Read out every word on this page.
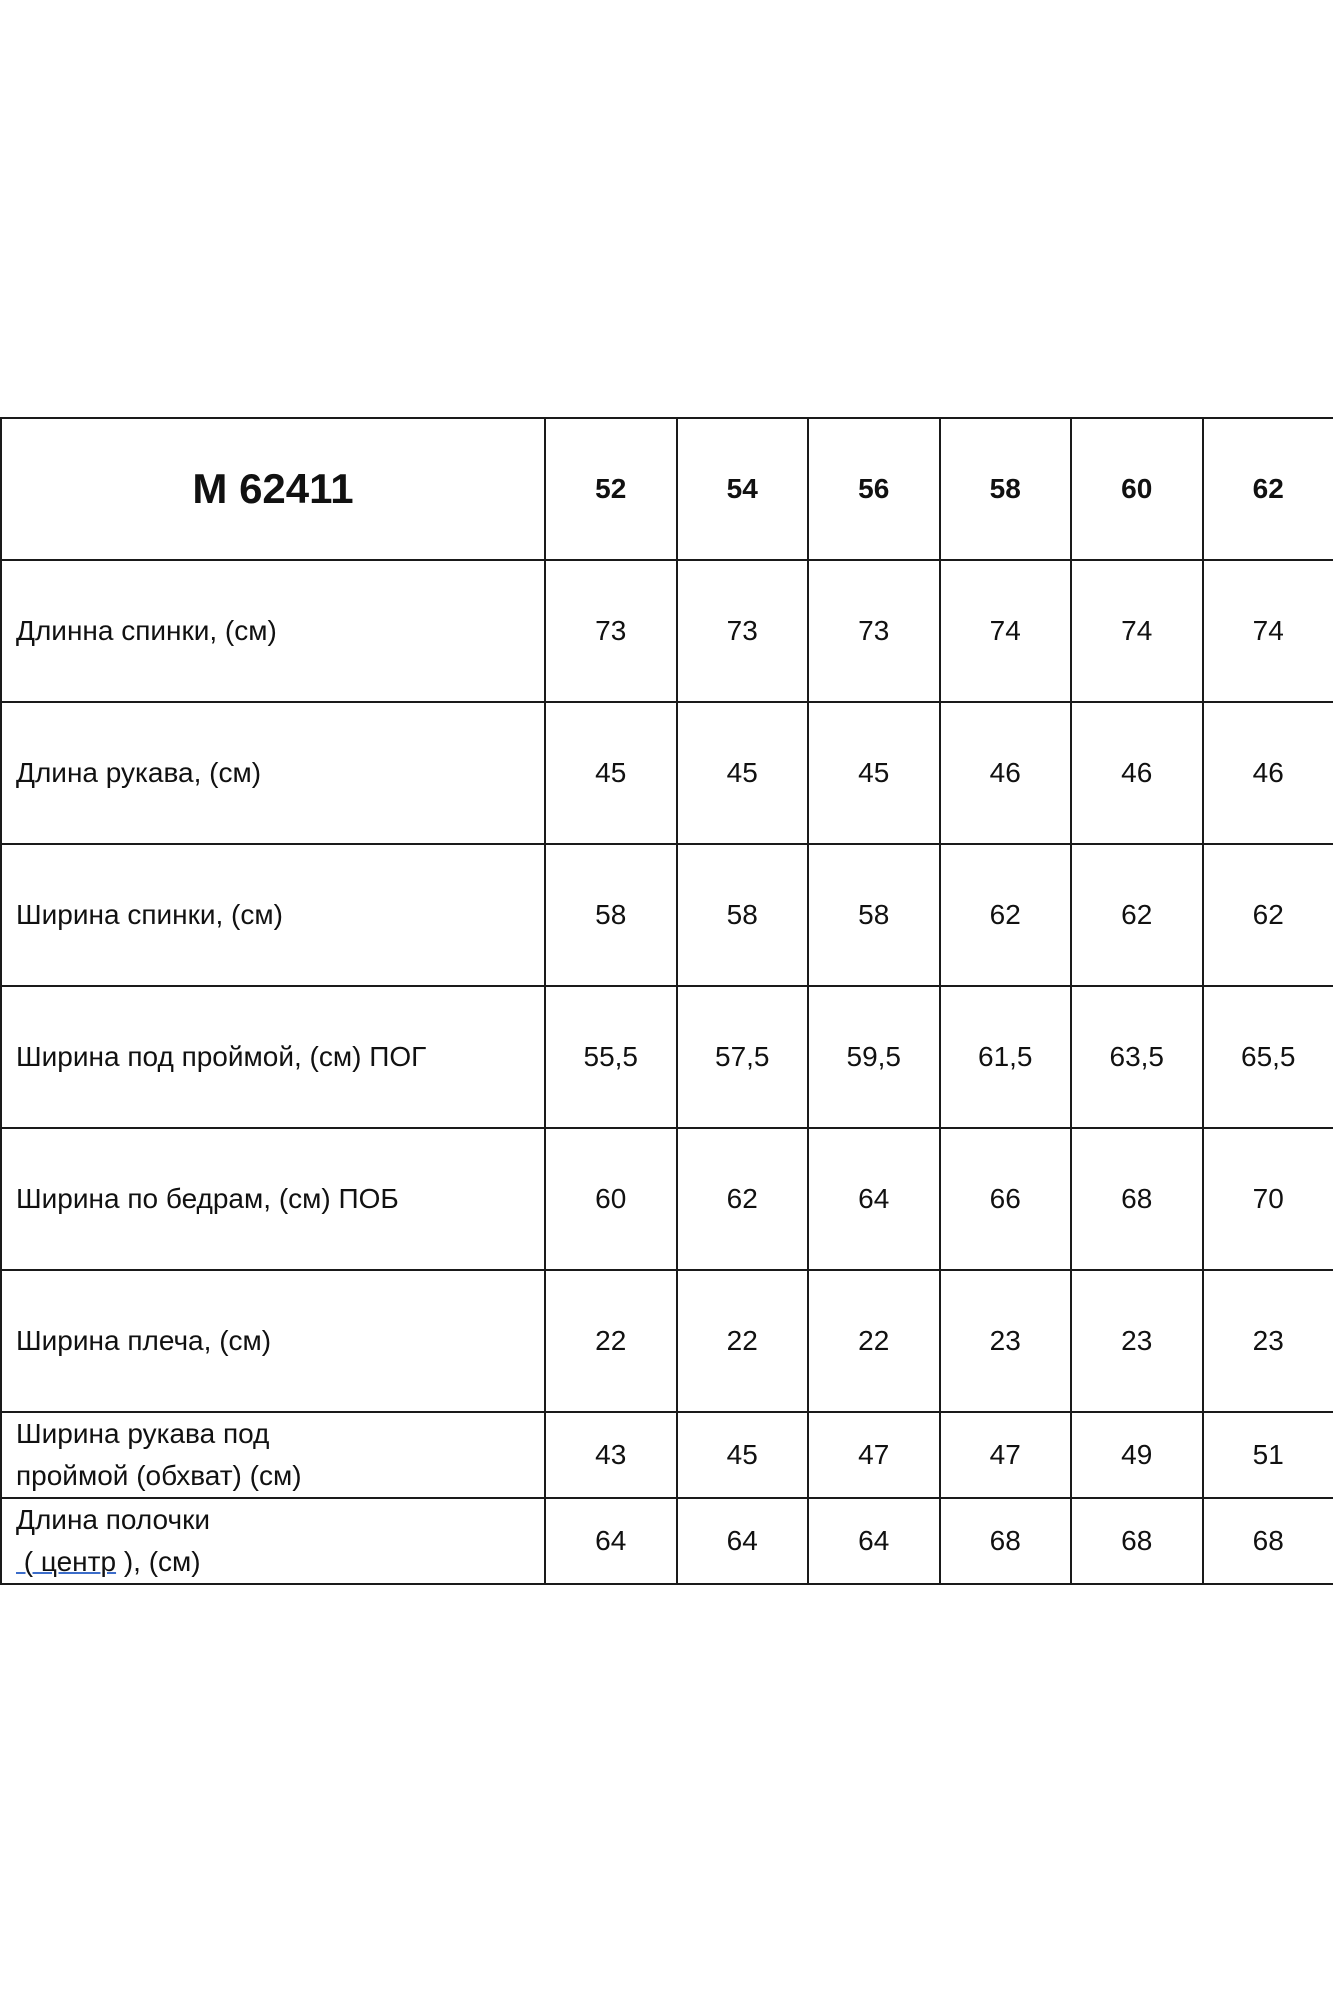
М 62411	52	54	56	58	60	62
Длинна спинки, (см)	73	73	73	74	74	74
Длина рукава, (см)	45	45	45	46	46	46
Ширина спинки, (см)	58	58	58	62	62	62
Ширина под проймой, (см) ПОГ	55,5	57,5	59,5	61,5	63,5	65,5
Ширина по бедрам, (см) ПОБ	60	62	64	66	68	70
Ширина плеча, (см)	22	22	22	23	23	23

Ширина рукава под
проймой (обхват) (см)	43	45	47	47	49	51

Длина полочки
( центр ), (см)	64	64	64	68	68	68
